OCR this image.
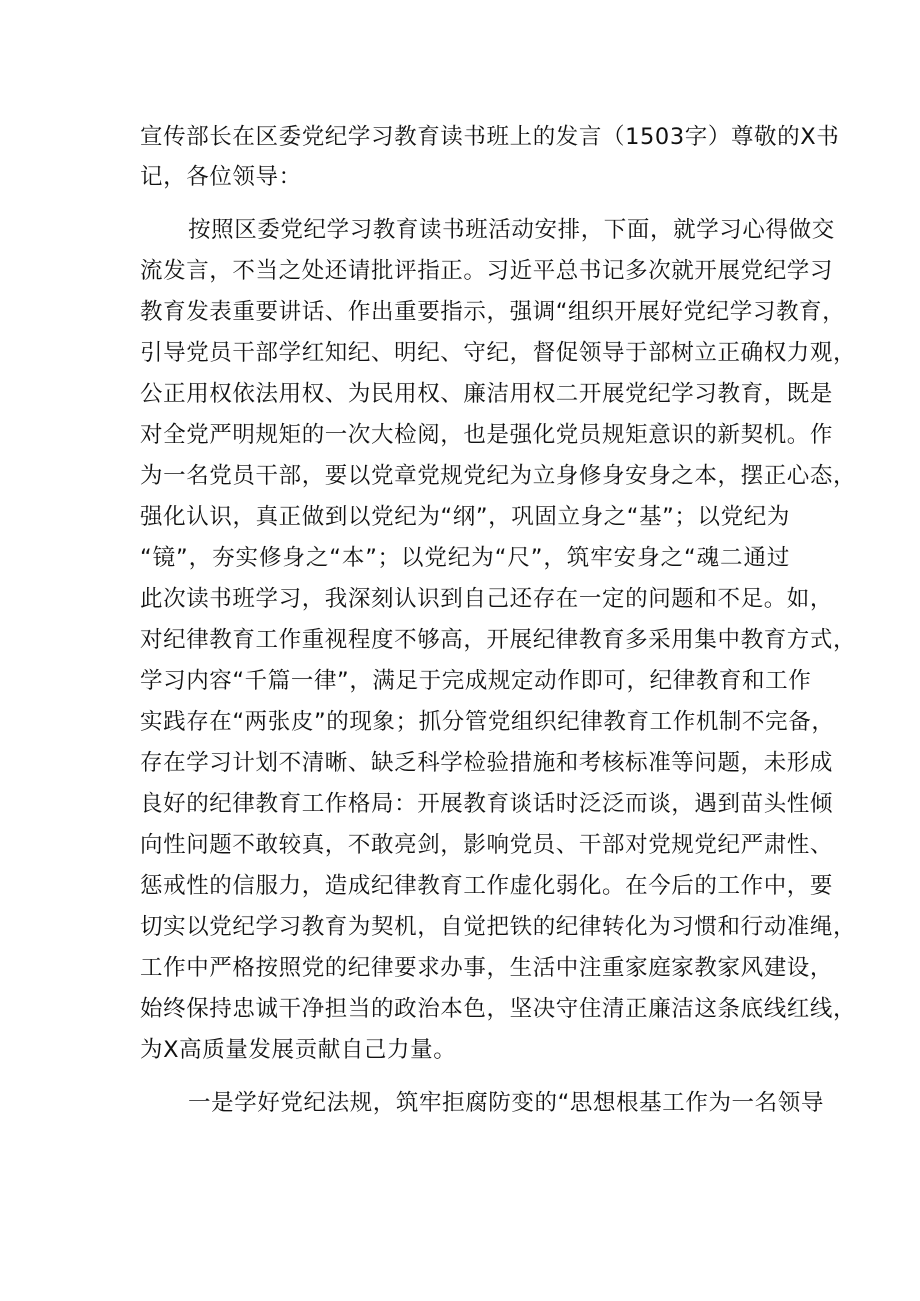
宣传部长在区委党纪学习教育读书班上的发言（1503字）尊敬的X书
记，各位领导：
按照区委党纪学习教育读书班活动安排，下面，就学习心得做交
流发言，不当之处还请批评指正。习近平总书记多次就开展党纪学习
教育发表重要讲话、作出重要指示，强调“组织开展好党纪学习教育，
引导党员干部学红知纪、明纪、守纪，督促领导于部树立正确权力观，
公正用权依法用权、为民用权、廉洁用权二开展党纪学习教育，既是
对全党严明规矩的一次大检阅，也是强化党员规矩意识的新契机。作
为一名党员干部，要以党章党规党纪为立身修身安身之本，摆正心态，
强化认识，真正做到以党纪为“纲”，巩固立身之“基”；以党纪为
“镜”，夯实修身之“本”；以党纪为“尺”，筑牢安身之“魂二通过
此次读书班学习，我深刻认识到自己还存在一定的问题和不足。如，
对纪律教育工作重视程度不够高，开展纪律教育多采用集中教育方式，
学习内容“千篇一律”，满足于完成规定动作即可，纪律教育和工作
实践存在“两张皮”的现象；抓分管党组织纪律教育工作机制不完备，
存在学习计划不清晰、缺乏科学检验措施和考核标准等问题，未形成
良好的纪律教育工作格局：开展教育谈话时泛泛而谈，遇到苗头性倾
向性问题不敢较真，不敢亮剑，影响党员、干部对党规党纪严肃性、
惩戒性的信服力，造成纪律教育工作虚化弱化。在今后的工作中，要
切实以党纪学习教育为契机，自觉把铁的纪律转化为习惯和行动准绳，
工作中严格按照党的纪律要求办事，生活中注重家庭家教家风建设，
始终保持忠诚干净担当的政治本色，坚决守住清正廉洁这条底线红线，
为X高质量发展贡献自己力量。
一是学好党纪法规，筑牢拒腐防变的“思想根基工作为一名领导
